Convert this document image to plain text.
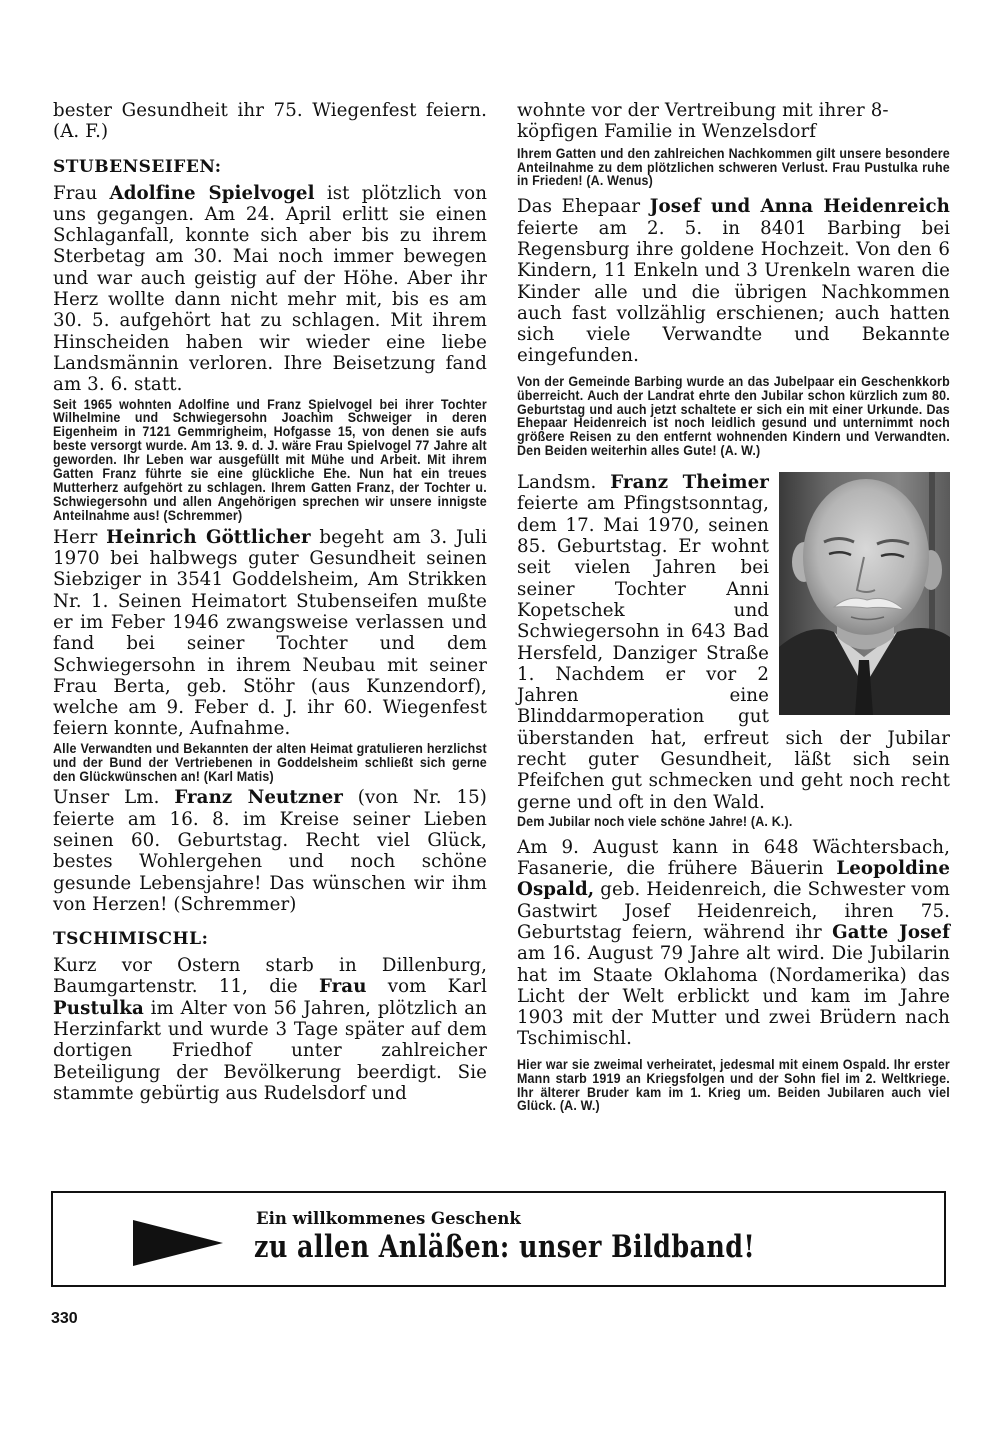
bester Gesundheit ihr 75. Wiegenfest feiern. (A. F.)

STUBENSEIFEN:

Frau Adolfine Spielvogel ist plötzlich von uns gegangen. Am 24. April erlitt sie einen Schlaganfall, konnte sich aber bis zu ihrem Sterbetag am 30. Mai noch immer bewegen und war auch geistig auf der Höhe. Aber ihr Herz wollte dann nicht mehr mit, bis es am 30. 5. aufgehört hat zu schlagen. Mit ihrem Hinscheiden haben wir wieder eine liebe Landsmännin verloren. Ihre Beisetzung fand am 3. 6. statt.

Seit 1965 wohnten Adolfine und Franz Spielvogel bei ihrer Tochter Wilhelmine und Schwiegersohn Joachim Schweiger in deren Eigenheim in 7121 Gemmrigheim, Hofgasse 15, von denen sie aufs beste versorgt wurde. Am 13. 9. d. J. wäre Frau Spielvogel 77 Jahre alt geworden. Ihr Leben war ausgefüllt mit Mühe und Arbeit. Mit ihrem Gatten Franz führte sie eine glückliche Ehe. Nun hat ein treues Mutterherz aufgehört zu schlagen. Ihrem Gatten Franz, der Tochter u. Schwiegersohn und allen Angehörigen sprechen wir unsere innigste Anteilnahme aus! (Schremmer)

Herr Heinrich Göttlicher begeht am 3. Juli 1970 bei halbwegs guter Gesundheit seinen Siebziger in 3541 Goddelsheim, Am Strikken Nr. 1. Seinen Heimatort Stubenseifen mußte er im Feber 1946 zwangsweise verlassen und fand bei seiner Tochter und dem Schwiegersohn in ihrem Neubau mit seiner Frau Berta, geb. Stöhr (aus Kunzendorf), welche am 9. Feber d. J. ihr 60. Wiegenfest feiern konnte, Aufnahme.

Alle Verwandten und Bekannten der alten Heimat gratulieren herzlichst und der Bund der Vertriebenen in Goddelsheim schließt sich gerne den Glückwünschen an! (Karl Matis)

Unser Lm. Franz Neutzner (von Nr. 15) feierte am 16. 8. im Kreise seiner Lieben seinen 60. Geburtstag. Recht viel Glück, bestes Wohlergehen und noch schöne gesunde Lebensjahre! Das wünschen wir ihm von Herzen! (Schremmer)

TSCHIMISCHL:

Kurz vor Ostern starb in Dillenburg, Baumgartenstr. 11, die Frau vom Karl Pustulka im Alter von 56 Jahren, plötzlich an Herzinfarkt und wurde 3 Tage später auf dem dortigen Friedhof unter zahlreicher Beteiligung der Bevölkerung beerdigt. Sie stammte gebürtig aus Rudelsdorf und

wohnte vor der Vertreibung mit ihrer 8-köpfigen Familie in Wenzelsdorf

Ihrem Gatten und den zahlreichen Nachkommen gilt unsere besondere Anteilnahme zu dem plötzlichen schweren Verlust. Frau Pustulka ruhe in Frieden! (A. Wenus)

Das Ehepaar Josef und Anna Heidenreich feierte am 2. 5. in 8401 Barbing bei Regensburg ihre goldene Hochzeit. Von den 6 Kindern, 11 Enkeln und 3 Urenkeln waren die Kinder alle und die übrigen Nachkommen auch fast vollzählig erschienen; auch hatten sich viele Verwandte und Bekannte eingefunden.

Von der Gemeinde Barbing wurde an das Jubelpaar ein Geschenkkorb überreicht. Auch der Landrat ehrte den Jubilar schon kürzlich zum 80. Geburtstag und auch jetzt schaltete er sich ein mit einer Urkunde. Das Ehepaar Heidenreich ist noch leidlich gesund und unternimmt noch größere Reisen zu den entfernt wohnenden Kindern und Verwandten. Den Beiden weiterhin alles Gute! (A. W.)

Landsm. Franz Theimer feierte am Pfingstsonntag, dem 17. Mai 1970, seinen 85. Geburtstag. Er wohnt seit vielen Jahren bei seiner Tochter Anni Kopetschek und Schwiegersohn in 643 Bad Hersfeld, Danziger Straße 1. Nachdem er vor 2 Jahren eine Blinddarmoperation gut überstanden hat, erfreut sich der Jubilar recht guter Gesundheit, läßt sich sein Pfeifchen gut schmecken und geht noch recht gerne und oft in den Wald.

Dem Jubilar noch viele schöne Jahre! (A. K.).

Am 9. August kann in 648 Wächtersbach, Fasanerie, die frühere Bäuerin Leopoldine Ospald, geb. Heidenreich, die Schwester vom Gastwirt Josef Heidenreich, ihren 75. Geburtstag feiern, während ihr Gatte Josef am 16. August 79 Jahre alt wird. Die Jubilarin hat im Staate Oklahoma (Nordamerika) das Licht der Welt erblickt und kam im Jahre 1903 mit der Mutter und zwei Brüdern nach Tschimischl.

Hier war sie zweimal verheiratet, jedesmal mit einem Ospald. Ihr erster Mann starb 1919 an Kriegsfolgen und der Sohn fiel im 2. Weltkriege. Ihr älterer Bruder kam im 1. Krieg um. Beiden Jubilaren auch viel Glück. (A. W.)

Ein willkommenes Geschenk
zu allen Anläßen: unser Bildband!
330
